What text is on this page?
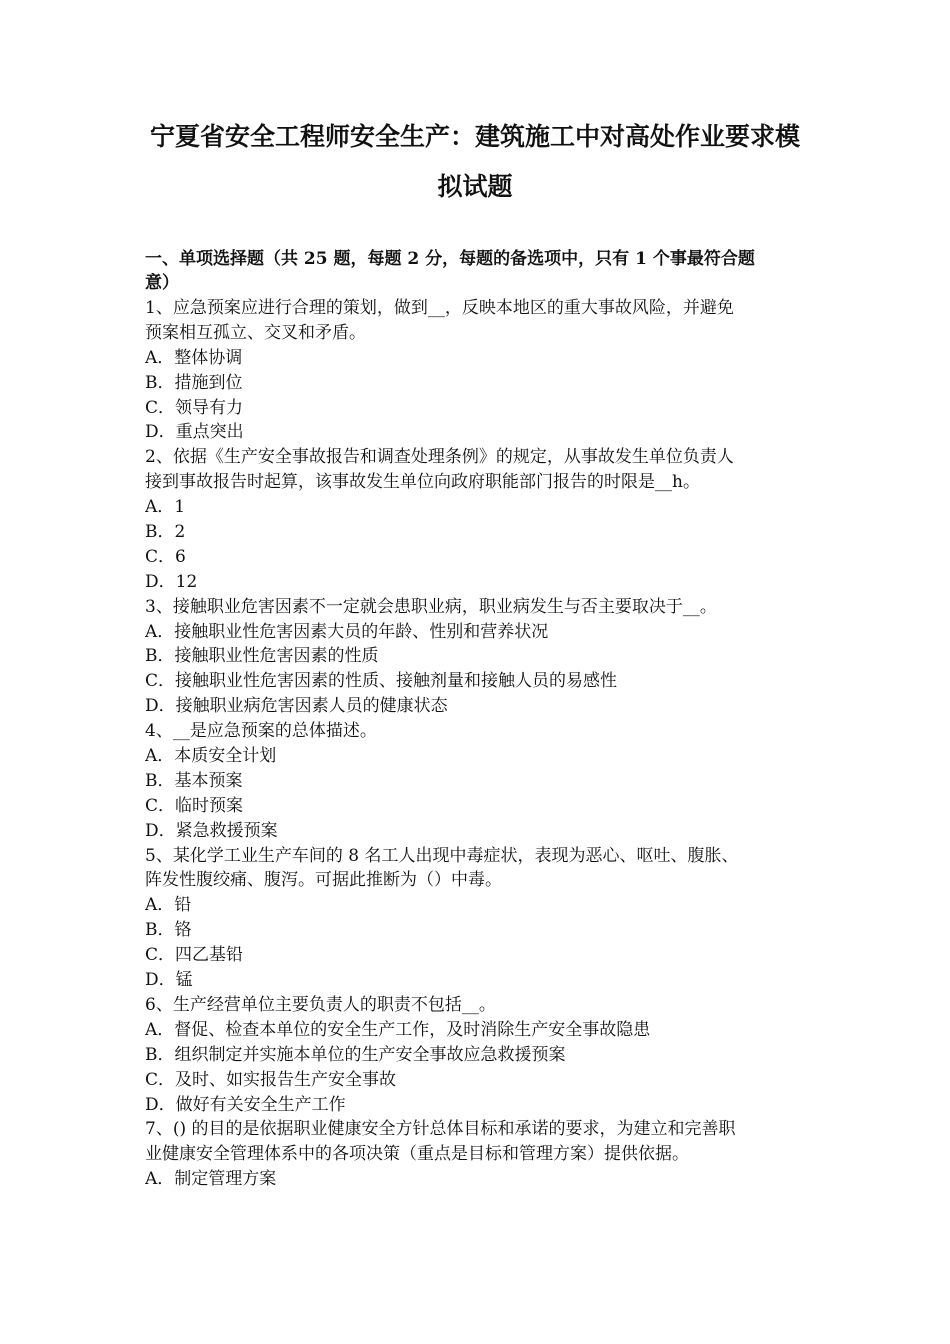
宁夏省安全工程师安全生产：建筑施工中对高处作业要求模
拟试题
一、单项选择题（共 25 题，每题 2 分，每题的备选项中，只有 1 个事最符合题
意）
1、应急预案应进行合理的策划，做到__，反映本地区的重大事故风险，并避免
预案相互孤立、交叉和矛盾。
A．整体协调
B．措施到位
C．领导有力
D．重点突出
2、依据《生产安全事故报告和调查处理条例》的规定，从事故发生单位负责人
接到事故报告时起算，该事故发生单位向政府职能部门报告的时限是__h。
A．1
B．2
C．6
D．12
3、接触职业危害因素不一定就会患职业病，职业病发生与否主要取决于__。
A．接触职业性危害因素大员的年龄、性别和营养状况
B．接触职业性危害因素的性质
C．接触职业性危害因素的性质、接触剂量和接触人员的易感性
D．接触职业病危害因素人员的健康状态
4、__是应急预案的总体描述。
A．本质安全计划
B．基本预案
C．临时预案
D．紧急救援预案
5、某化学工业生产车间的 8 名工人出现中毒症状，表现为恶心、呕吐、腹胀、
阵发性腹绞痛、腹泻。可据此推断为（）中毒。
A．铅
B．铬
C．四乙基铅
D．锰
6、生产经营单位主要负责人的职责不包括__。
A．督促、检查本单位的安全生产工作，及时消除生产安全事故隐患
B．组织制定并实施本单位的生产安全事故应急救援预案
C．及时、如实报告生产安全事故
D．做好有关安全生产工作
7、() 的目的是依据职业健康安全方针总体目标和承诺的要求，为建立和完善职
业健康安全管理体系中的各项决策（重点是目标和管理方案）提供依据。
A．制定管理方案
